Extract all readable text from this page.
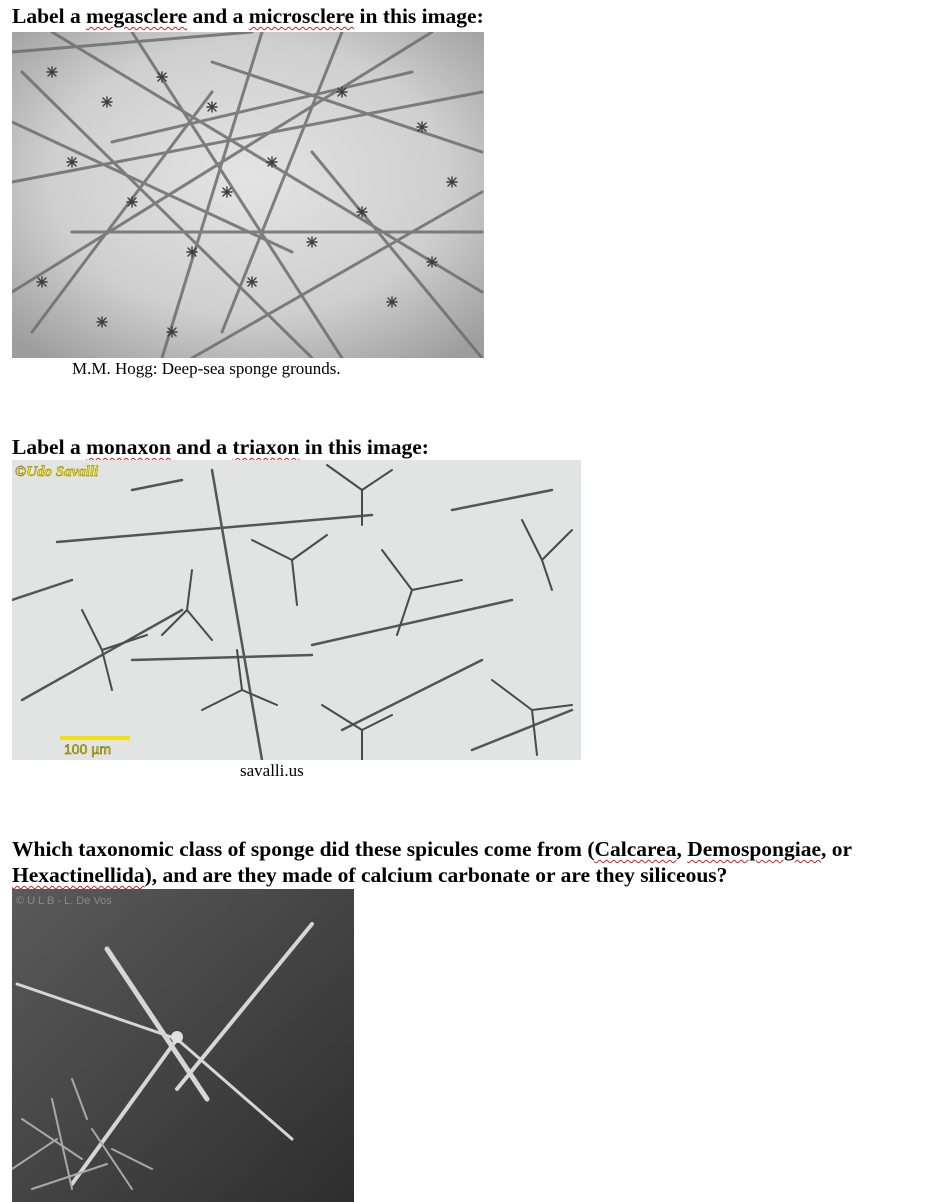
Label a megasclere and a microsclere in this image:

M.M. Hogg: Deep-sea sponge grounds.

Label a monaxon and a triaxon in this image:

©Udo Savalli
100 µm
savalli.us

Which taxonomic class of sponge did these spicules come from (Calcarea, Demospongiae, or

Hexactinellida), and are they made of calcium carbonate or are they siliceous?

© U L B - L. De Vos
